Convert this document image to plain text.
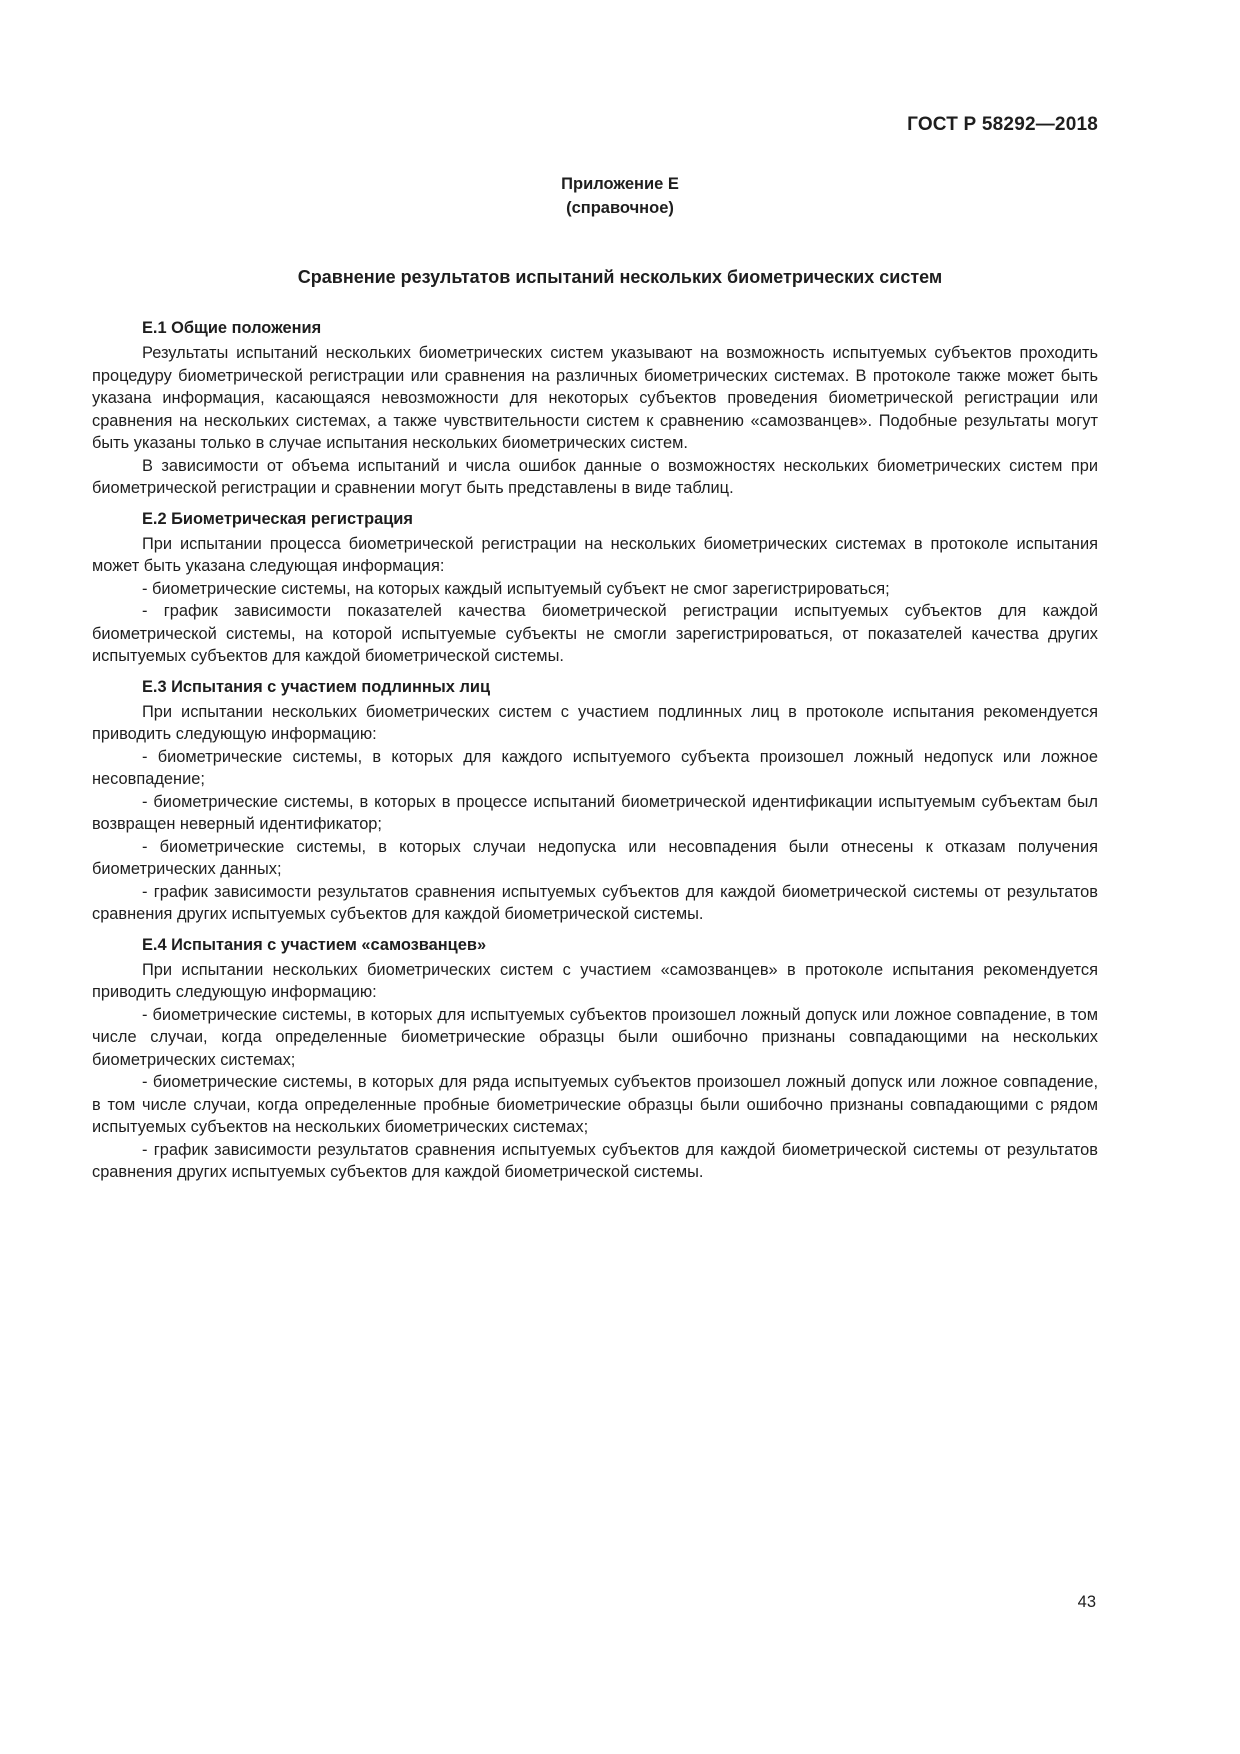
ГОСТ Р 58292—2018
Приложение Е
(справочное)
Сравнение результатов испытаний нескольких биометрических систем
Е.1 Общие положения

Результаты испытаний нескольких биометрических систем указывают на возможность испытуемых субъектов проходить процедуру биометрической регистрации или сравнения на различных биометрических системах. В протоколе также может быть указана информация, касающаяся невозможности для некоторых субъектов проведения биометрической регистрации или сравнения на нескольких системах, а также чувствительности систем к сравнению «самозванцев». Подобные результаты могут быть указаны только в случае испытания нескольких биометрических систем.

В зависимости от объема испытаний и числа ошибок данные о возможностях нескольких биометрических систем при биометрической регистрации и сравнении могут быть представлены в виде таблиц.

Е.2 Биометрическая регистрация

При испытании процесса биометрической регистрации на нескольких биометрических системах в протоколе испытания может быть указана следующая информация:

- биометрические системы, на которых каждый испытуемый субъект не смог зарегистрироваться;

- график зависимости показателей качества биометрической регистрации испытуемых субъектов для каждой биометрической системы, на которой испытуемые субъекты не смогли зарегистрироваться, от показателей качества других испытуемых субъектов для каждой биометрической системы.

Е.3 Испытания с участием подлинных лиц

При испытании нескольких биометрических систем с участием подлинных лиц в протоколе испытания рекомендуется приводить следующую информацию:

- биометрические системы, в которых для каждого испытуемого субъекта произошел ложный недопуск или ложное несовпадение;

- биометрические системы, в которых в процессе испытаний биометрической идентификации испытуемым субъектам был возвращен неверный идентификатор;

- биометрические системы, в которых случаи недопуска или несовпадения были отнесены к отказам получения биометрических данных;

- график зависимости результатов сравнения испытуемых субъектов для каждой биометрической системы от результатов сравнения других испытуемых субъектов для каждой биометрической системы.

Е.4 Испытания с участием «самозванцев»

При испытании нескольких биометрических систем с участием «самозванцев» в протоколе испытания рекомендуется приводить следующую информацию:

- биометрические системы, в которых для испытуемых субъектов произошел ложный допуск или ложное совпадение, в том числе случаи, когда определенные биометрические образцы были ошибочно признаны совпадающими на нескольких биометрических системах;

- биометрические системы, в которых для ряда испытуемых субъектов произошел ложный допуск или ложное совпадение, в том числе случаи, когда определенные пробные биометрические образцы были ошибочно признаны совпадающими с рядом испытуемых субъектов на нескольких биометрических системах;

- график зависимости результатов сравнения испытуемых субъектов для каждой биометрической системы от результатов сравнения других испытуемых субъектов для каждой биометрической системы.

43
